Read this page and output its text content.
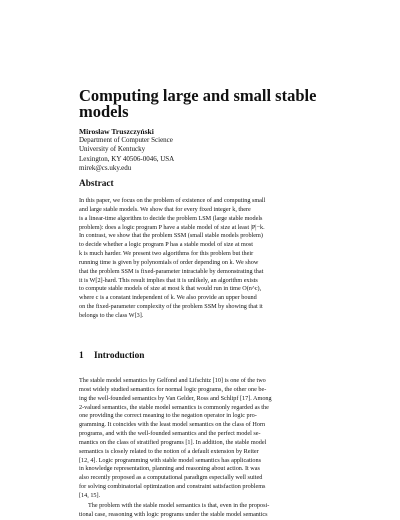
Computing large and small stable
models
Mirosław Truszczyński
Department of Computer Science
University of Kentucky
Lexington, KY 40506-0046, USA
mirek@cs.uky.edu
Abstract
In this paper, we focus on the problem of existence of and computing small
and large stable models. We show that for every fixed integer k, there
is a linear-time algorithm to decide the problem LSM (large stable models
problem): does a logic program P have a stable model of size at least |P|−k.
In contrast, we show that the problem SSM (small stable models problem)
to decide whether a logic program P has a stable model of size at most
k is much harder. We present two algorithms for this problem but their
running time is given by polynomials of order depending on k. We show
that the problem SSM is fixed-parameter intractable by demonstrating that
it is W[2]-hard. This result implies that it is unlikely, an algorithm exists
to compute stable models of size at most k that would run in time O(n^c),
where c is a constant independent of k. We also provide an upper bound
on the fixed-parameter complexity of the problem SSM by showing that it
belongs to the class W[3].
1 Introduction
The stable model semantics by Gelfond and Lifschitz [10] is one of the two
most widely studied semantics for normal logic programs, the other one be-
ing the well-founded semantics by Van Gelder, Ross and Schlipf [17]. Among
2-valued semantics, the stable model semantics is commonly regarded as the
one providing the correct meaning to the negation operator in logic pro-
gramming. It coincides with the least model semantics on the class of Horn
programs, and with the well-founded semantics and the perfect model se-
mantics on the class of stratified programs [1]. In addition, the stable model
semantics is closely related to the notion of a default extension by Reiter
[12, 4]. Logic programming with stable model semantics has applications
in knowledge representation, planning and reasoning about action. It was
also recently proposed as a computational paradigm especially well suited
for solving combinatorial optimization and constraint satisfaction problems
[14, 15].
The problem with the stable model semantics is that, even in the proposi-
tional case, reasoning with logic programs under the stable model semantics
